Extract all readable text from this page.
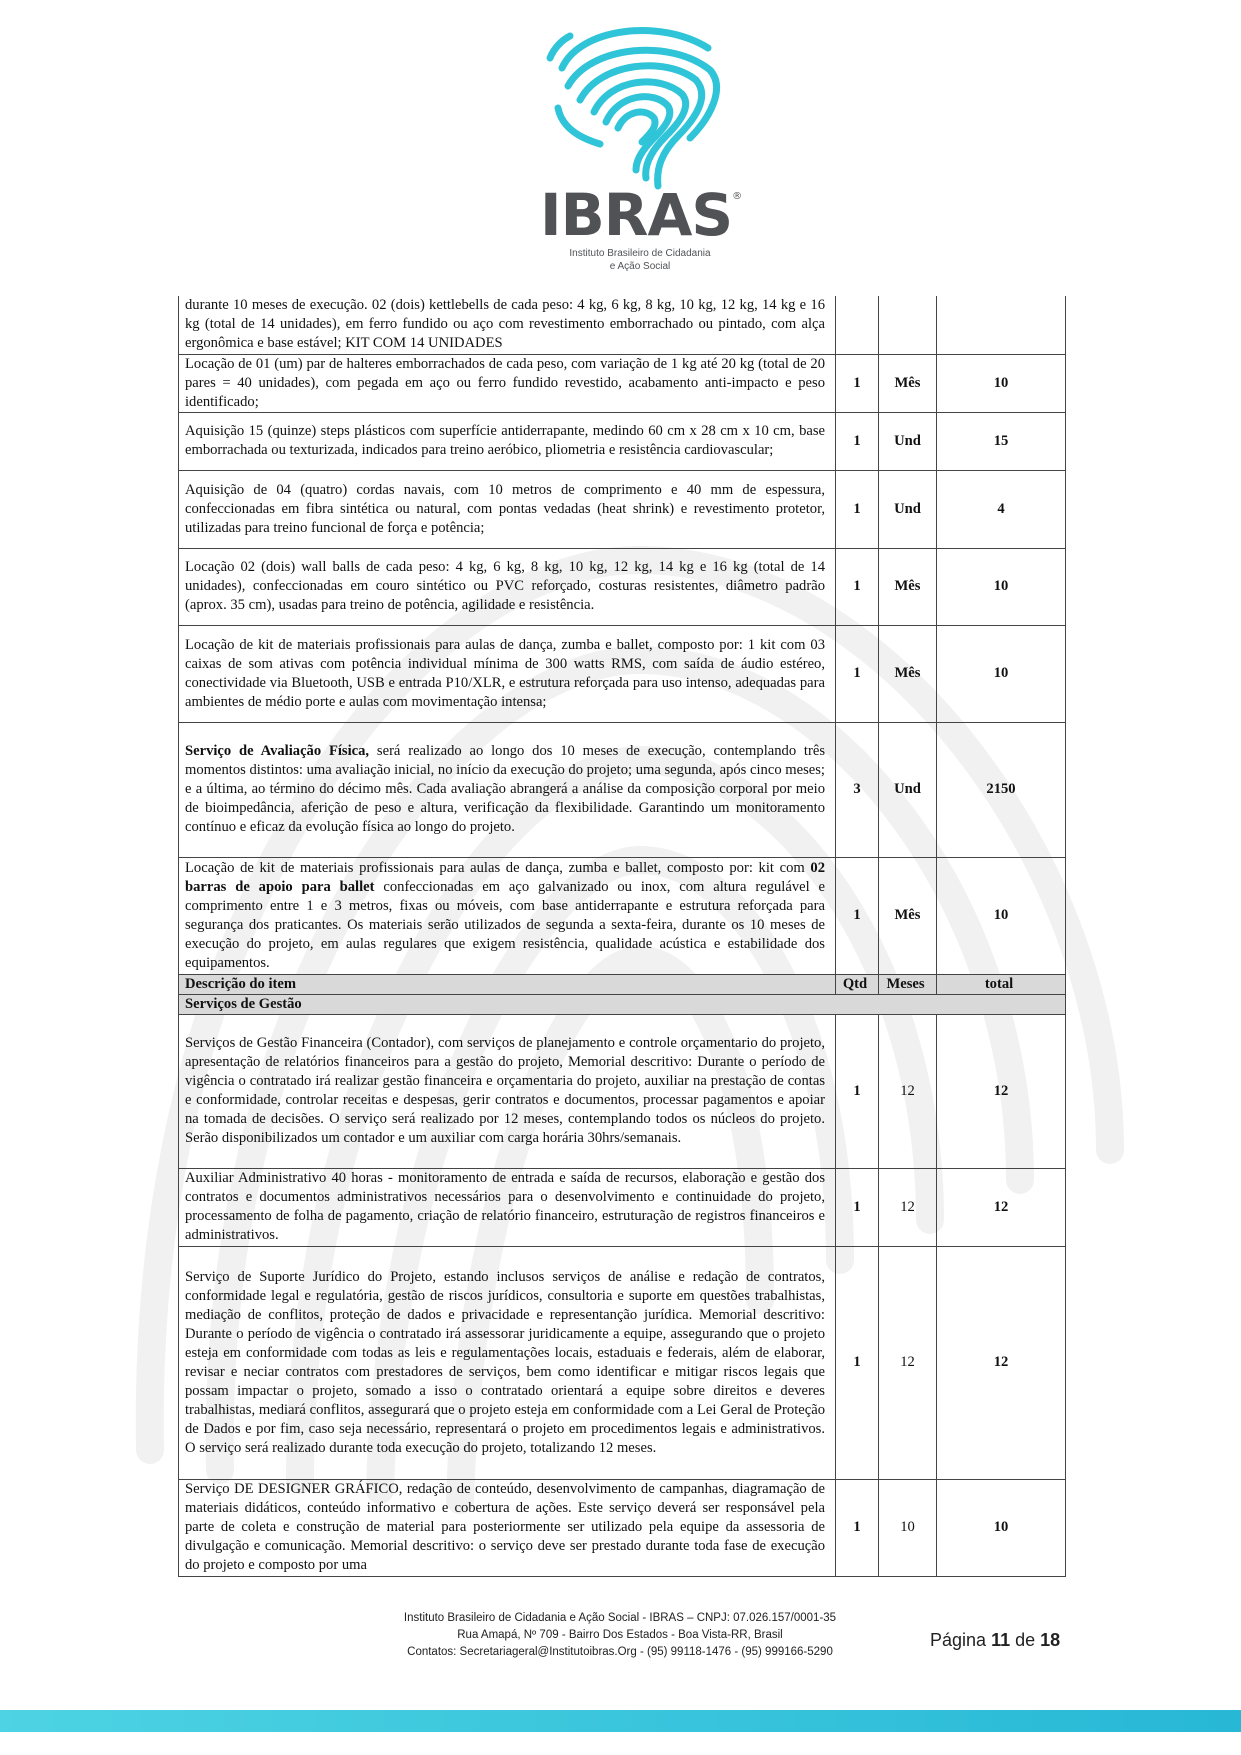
IBRAS®
Instituto Brasileiro de Cidadania
e Ação Social
durante 10 meses de execução. 02 (dois) kettlebells de cada peso: 4 kg, 6 kg, 8 kg, 10 kg, 12 kg, 14 kg e 16 kg (total de 14 unidades), em ferro fundido ou aço com revestimento emborrachado ou pintado, com alça ergonômica e base estável; KIT COM 14 UNIDADES			
Locação de 01 (um) par de halteres emborrachados de cada peso, com variação de 1 kg até 20 kg (total de 20 pares = 40 unidades), com pegada em aço ou ferro fundido revestido, acabamento anti-impacto e peso identificado;	1	Mês	10
Aquisição 15 (quinze) steps plásticos com superfície antiderrapante, medindo 60 cm x 28 cm x 10 cm, base emborrachada ou texturizada, indicados para treino aeróbico, pliometria e resistência cardiovascular;	1	Und	15
Aquisição de 04 (quatro) cordas navais, com 10 metros de comprimento e 40 mm de espessura, confeccionadas em fibra sintética ou natural, com pontas vedadas (heat shrink) e revestimento protetor, utilizadas para treino funcional de força e potência;	1	Und	4
Locação 02 (dois) wall balls de cada peso: 4 kg, 6 kg, 8 kg, 10 kg, 12 kg, 14 kg e 16 kg (total de 14 unidades), confeccionadas em couro sintético ou PVC reforçado, costuras resistentes, diâmetro padrão (aprox. 35 cm), usadas para treino de potência, agilidade e resistência.	1	Mês	10
Locação de kit de materiais profissionais para aulas de dança, zumba e ballet, composto por: 1 kit com 03 caixas de som ativas com potência individual mínima de 300 watts RMS, com saída de áudio estéreo, conectividade via Bluetooth, USB e entrada P10/XLR, e estrutura reforçada para uso intenso, adequadas para ambientes de médio porte e aulas com movimentação intensa;	1	Mês	10
Serviço de Avaliação Física, será realizado ao longo dos 10 meses de execução, contemplando três momentos distintos: uma avaliação inicial, no início da execução do projeto; uma segunda, após cinco meses; e a última, ao término do décimo mês. Cada avaliação abrangerá a análise da composição corporal por meio de bioimpedância, aferição de peso e altura, verificação da flexibilidade. Garantindo um monitoramento contínuo e eficaz da evolução física ao longo do projeto.	3	Und	2150
Locação de kit de materiais profissionais para aulas de dança, zumba e ballet, composto por: kit com 02 barras de apoio para ballet confeccionadas em aço galvanizado ou inox, com altura regulável e comprimento entre 1 e 3 metros, fixas ou móveis, com base antiderrapante e estrutura reforçada para segurança dos praticantes. Os materiais serão utilizados de segunda a sexta-feira, durante os 10 meses de execução do projeto, em aulas regulares que exigem resistência, qualidade acústica e estabilidade dos equipamentos.	1	Mês	10
Descrição do item	Qtd	Meses	total
Serviços de Gestão			
Serviços de Gestão Financeira (Contador), com serviços de planejamento e controle orçamentario do projeto, apresentação de relatórios financeiros para a gestão do projeto, Memorial descritivo: Durante o período de vigência o contratado irá realizar gestão financeira e orçamentaria do projeto, auxiliar na prestação de contas e conformidade, controlar receitas e despesas, gerir contratos e documentos, processar pagamentos e apoiar na tomada de decisões. O serviço será realizado por 12 meses, contemplando todos os núcleos do projeto. Serão disponibilizados um contador e um auxiliar com carga horária 30hrs/semanais.	1	12	12
Auxiliar Administrativo 40 horas - monitoramento de entrada e saída de recursos, elaboração e gestão dos contratos e documentos administrativos necessários para o desenvolvimento e continuidade do projeto, processamento de folha de pagamento, criação de relatório financeiro, estruturação de registros financeiros e administrativos.	1	12	12
Serviço de Suporte Jurídico do Projeto, estando inclusos serviços de análise e redação de contratos, conformidade legal e regulatória, gestão de riscos jurídicos, consultoria e suporte em questões trabalhistas, mediação de conflitos, proteção de dados e privacidade e representanção jurídica. Memorial descritivo: Durante o período de vigência o contratado irá assessorar juridicamente a equipe, assegurando que o projeto esteja em conformidade com todas as leis e regulamentações locais, estaduais e federais, além de elaborar, revisar e neciar contratos com prestadores de serviços, bem como identificar e mitigar riscos legais que possam impactar o projeto, somado a isso o contratado orientará a equipe sobre direitos e deveres trabalhistas, mediará conflitos, assegurará que o projeto esteja em conformidade com a Lei Geral de Proteção de Dados e por fim, caso seja necessário, representará o projeto em procedimentos legais e administrativos. O serviço será realizado durante toda execução do projeto, totalizando 12 meses.	1	12	12
Serviço DE DESIGNER GRÁFICO, redação de conteúdo, desenvolvimento de campanhas, diagramação de materiais didáticos, conteúdo informativo e cobertura de ações. Este serviço deverá ser responsável pela parte de coleta e construção de material para posteriormente ser utilizado pela equipe da assessoria de divulgação e comunicação. Memorial descritivo: o serviço deve ser prestado durante toda fase de execução do projeto e composto por uma	1	10	10
Instituto Brasileiro de Cidadania e Ação Social - IBRAS – CNPJ: 07.026.157/0001-35
Rua Amapá, Nº 709 - Bairro Dos Estados - Boa Vista-RR, Brasil
Contatos: Secretariageral@Institutoibras.Org - (95) 99118-1476 - (95) 999166-5290
Página 11 de 18
